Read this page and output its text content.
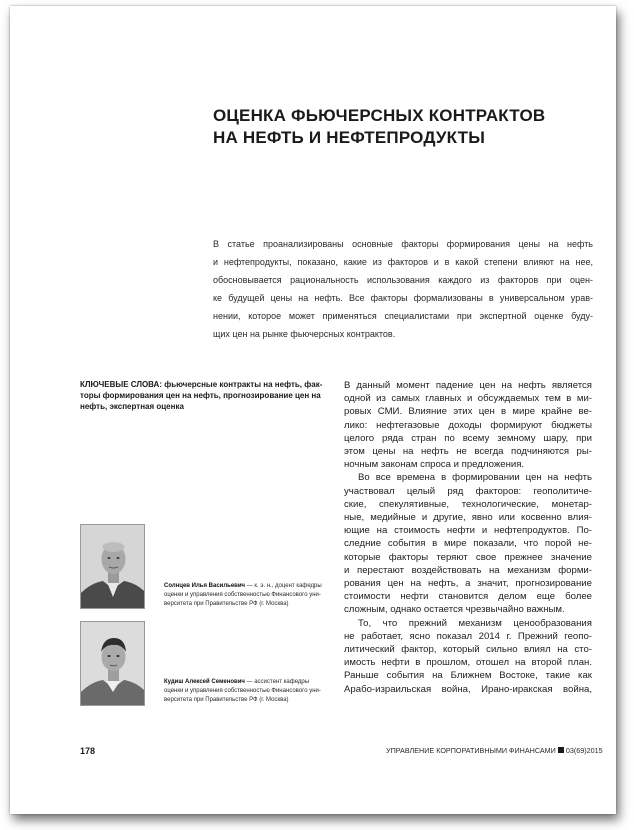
ОЦЕНКА ФЬЮЧЕРСНЫХ КОНТРАКТОВ
НА НЕФТЬ И НЕФТЕПРОДУКТЫ
В статье проанализированы основные факторы формирования цены на нефть
и нефтепродукты, показано, какие из факторов и в какой степени влияют на нее,
обосновывается рациональность использования каждого из факторов при оцен-
ке будущей цены на нефть. Все факторы формализованы в универсальном урав-
нении, которое может применяться специалистами при экспертной оценке буду-
щих цен на рынке фьючерсных контрактов.
КЛЮЧЕВЫЕ СЛОВА: фьючерсные контракты на нефть, фак-
торы формирования цен на нефть, прогнозирование цен на
нефть, экспертная оценка
В данный момент падение цен на нефть является
одной из самых главных и обсуждаемых тем в ми-
ровых СМИ. Влияние этих цен в мире крайне ве-
лико: нефтегазовые доходы формируют бюджеты
целого ряда стран по всему земному шару, при
этом цены на нефть не всегда подчиняются ры-
ночным законам спроса и предложения.
Во все времена в формировании цен на нефть
участвовал целый ряд факторов: геополитиче-
ские, спекулятивные, технологические, монетар-
ные, медийные и другие, явно или косвенно влия-
ющие на стоимость нефти и нефтепродуктов. По-
следние события в мире показали, что порой не-
которые факторы теряют свое прежнее значение
и перестают воздействовать на механизм форми-
рования цен на нефть, а значит, прогнозирование
стоимости нефти становится делом еще более
сложным, однако остается чрезвычайно важным.
То, что прежний механизм ценообразования
не работает, ясно показал 2014 г. Прежний геопо-
литический фактор, который сильно влиял на сто-
имость нефти в прошлом, отошел на второй план.
Раньше события на Ближнем Востоке, такие как
Арабо-израильская война, Ирано-иракская война,
Солнцев Илья Васильевич — к. э. н., доцент кафедры
оценки и управления собственностью Финансового уни-
верситета при Правительстве РФ (г. Москва)
Кудиш Алексей Семенович — ассистент кафедры
оценки и управления собственностью Финансового уни-
верситета при Правительстве РФ (г. Москва)
178	УПРАВЛЕНИЕ КОРПОРАТИВНЫМИ ФИНАНСАМИ 03(69)2015
